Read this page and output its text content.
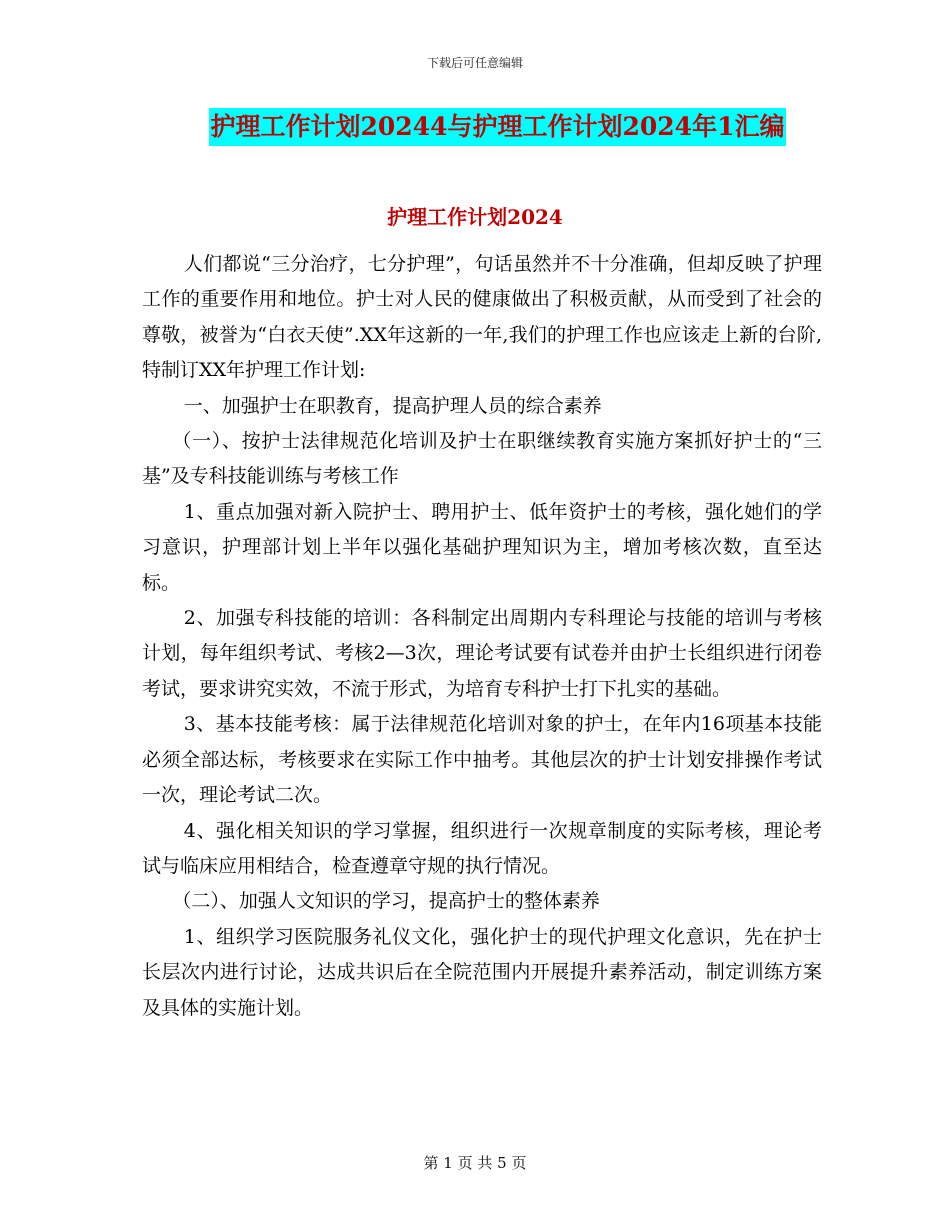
下载后可任意编辑
护理工作计划20244与护理工作计划2024年1汇编
护理工作计划2024

人们都说“三分治疗，七分护理”，句话虽然并不十分准确，但却反映了护理工作的重要作用和地位。护士对人民的健康做出了积极贡献，从而受到了社会的尊敬，被誉为“白衣天使”.XX年这新的一年,我们的护理工作也应该走上新的台阶,特制订XX年护理工作计划:

一、加强护士在职教育，提高护理人员的综合素养

（一）、按护士法律规范化培训及护士在职继续教育实施方案抓好护士的“三基”及专科技能训练与考核工作

1、重点加强对新入院护士、聘用护士、低年资护士的考核，强化她们的学习意识，护理部计划上半年以强化基础护理知识为主，增加考核次数，直至达标。

2、加强专科技能的培训：各科制定出周期内专科理论与技能的培训与考核计划，每年组织考试、考核2—3次，理论考试要有试卷并由护士长组织进行闭卷考试，要求讲究实效，不流于形式，为培育专科护士打下扎实的基础。

3、基本技能考核：属于法律规范化培训对象的护士，在年内16项基本技能必须全部达标，考核要求在实际工作中抽考。其他层次的护士计划安排操作考试一次，理论考试二次。

4、强化相关知识的学习掌握，组织进行一次规章制度的实际考核，理论考试与临床应用相结合，检查遵章守规的执行情况。

（二）、加强人文知识的学习，提高护士的整体素养

1、组织学习医院服务礼仪文化，强化护士的现代护理文化意识，先在护士长层次内进行讨论，达成共识后在全院范围内开展提升素养活动，制定训练方案及具体的实施计划。

第 1 页 共 5 页
